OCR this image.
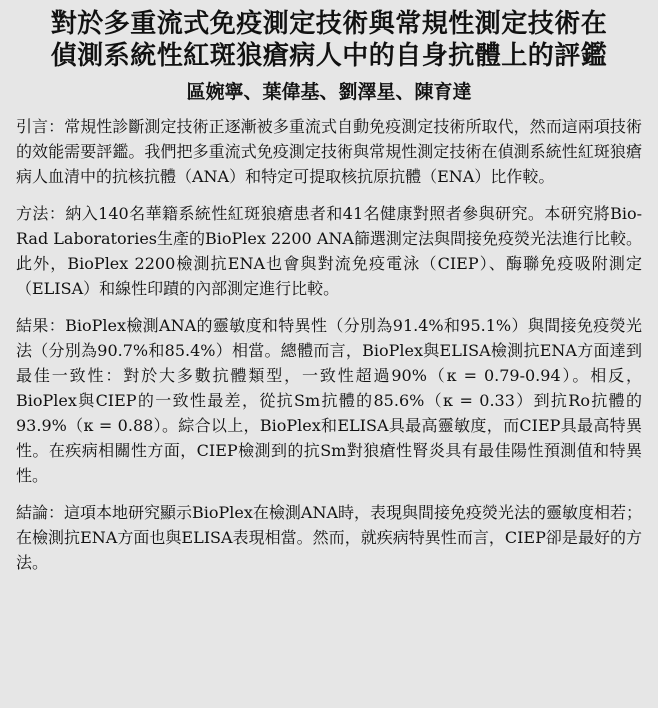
對於多重流式免疫測定技術與常規性測定技術在
偵測系統性紅斑狼瘡病人中的自身抗體上的評鑑
區婉寧、葉偉基、劉澤星、陳育達

引言：常規性診斷測定技術正逐漸被多重流式自動免疫測定技術所取代，然而這兩項技術的效能需要評鑑。我們把多重流式免疫測定技術與常規性測定技術在偵測系統性紅斑狼瘡病人血清中的抗核抗體（ANA）和特定可提取核抗原抗體（ENA）比作較。

方法：納入140名華籍系統性紅斑狼瘡患者和41名健康對照者參與研究。本研究將Bio-Rad Laboratories生產的BioPlex 2200 ANA篩選測定法與間接免疫熒光法進行比較。此外，BioPlex 2200檢測抗ENA也會與對流免疫電泳（CIEP）、酶聯免疫吸附測定（ELISA）和線性印蹟的內部測定進行比較。

結果：BioPlex檢測ANA的靈敏度和特異性（分別為91.4%和95.1%）與間接免疫熒光法（分別為90.7%和85.4%）相當。總體而言，BioPlex與ELISA檢測抗ENA方面達到最佳一致性：對於大多數抗體類型，一致性超過90%（κ = 0.79-0.94）。相反，BioPlex與CIEP的一致性最差，從抗Sm抗體的85.6%（κ = 0.33）到抗Ro抗體的93.9%（κ = 0.88）。綜合以上，BioPlex和ELISA具最高靈敏度，而CIEP具最高特異性。在疾病相關性方面，CIEP檢測到的抗Sm對狼瘡性腎炎具有最佳陽性預測值和特異性。

結論：這項本地研究顯示BioPlex在檢測ANA時，表現與間接免疫熒光法的靈敏度相若；在檢測抗ENA方面也與ELISA表現相當。然而，就疾病特異性而言，CIEP卻是最好的方法。
